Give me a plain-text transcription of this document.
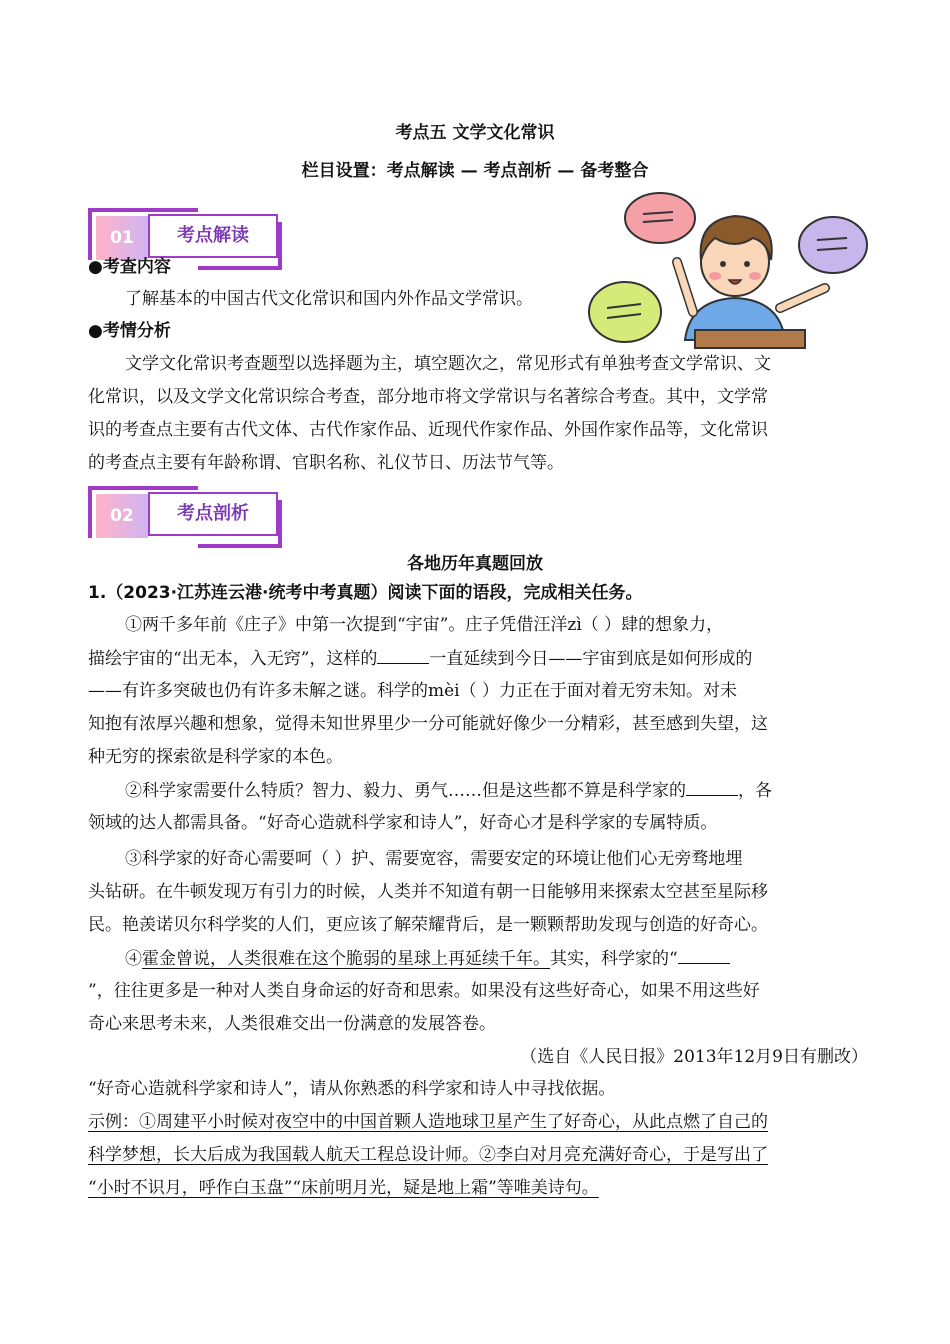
考点五 文学文化常识
栏目设置：考点解读 — 考点剖析 — 备考整合
01	考点解读
●考查内容
了解基本的中国古代文化常识和国内外作品文学常识。
●考情分析
文学文化常识考查题型以选择题为主，填空题次之，常见形式有单独考查文学常识、文
化常识，以及文学文化常识综合考查，部分地市将文学常识与名著综合考查。其中，文学常
识的考查点主要有古代文体、古代作家作品、近现代作家作品、外国作家作品等，文化常识
的考查点主要有年龄称谓、官职名称、礼仪节日、历法节气等。
02	考点剖析
各地历年真题回放
1.（2023·江苏连云港·统考中考真题）阅读下面的语段，完成相关任务。
①两千多年前《庄子》中第一次提到“宇宙”。庄子凭借汪洋zì（ ）肆的想象力，
描绘宇宙的“出无本，入无窍”，这样的	一直延续到今日——宇宙到底是如何形成的
——有许多突破也仍有许多未解之谜。科学的mèi（ ）力正在于面对着无穷未知。对未
知抱有浓厚兴趣和想象，觉得未知世界里少一分可能就好像少一分精彩，甚至感到失望，这
种无穷的探索欲是科学家的本色。
②科学家需要什么特质？智力、毅力、勇气……但是这些都不算是科学家的	，各
领域的达人都需具备。“好奇心造就科学家和诗人”，好奇心才是科学家的专属特质。
③科学家的好奇心需要呵（ ）护、需要宽容，需要安定的环境让他们心无旁骛地埋
头钻研。在牛顿发现万有引力的时候，人类并不知道有朝一日能够用来探索太空甚至星际移
民。艳羡诺贝尔科学奖的人们，更应该了解荣耀背后，是一颗颗帮助发现与创造的好奇心。
④霍金曾说，人类很难在这个脆弱的星球上再延续千年。其实，科学家的“
”，往往更多是一种对人类自身命运的好奇和思索。如果没有这些好奇心，如果不用这些好
奇心来思考未来，人类很难交出一份满意的发展答卷。
（选自《人民日报》2013年12月9日有删改）
“好奇心造就科学家和诗人”，请从你熟悉的科学家和诗人中寻找依据。
示例：①周建平小时候对夜空中的中国首颗人造地球卫星产生了好奇心，从此点燃了自己的
科学梦想，长大后成为我国载人航天工程总设计师。②李白对月亮充满好奇心，于是写出了
“小时不识月，呼作白玉盘”“床前明月光，疑是地上霜”等唯美诗句。
